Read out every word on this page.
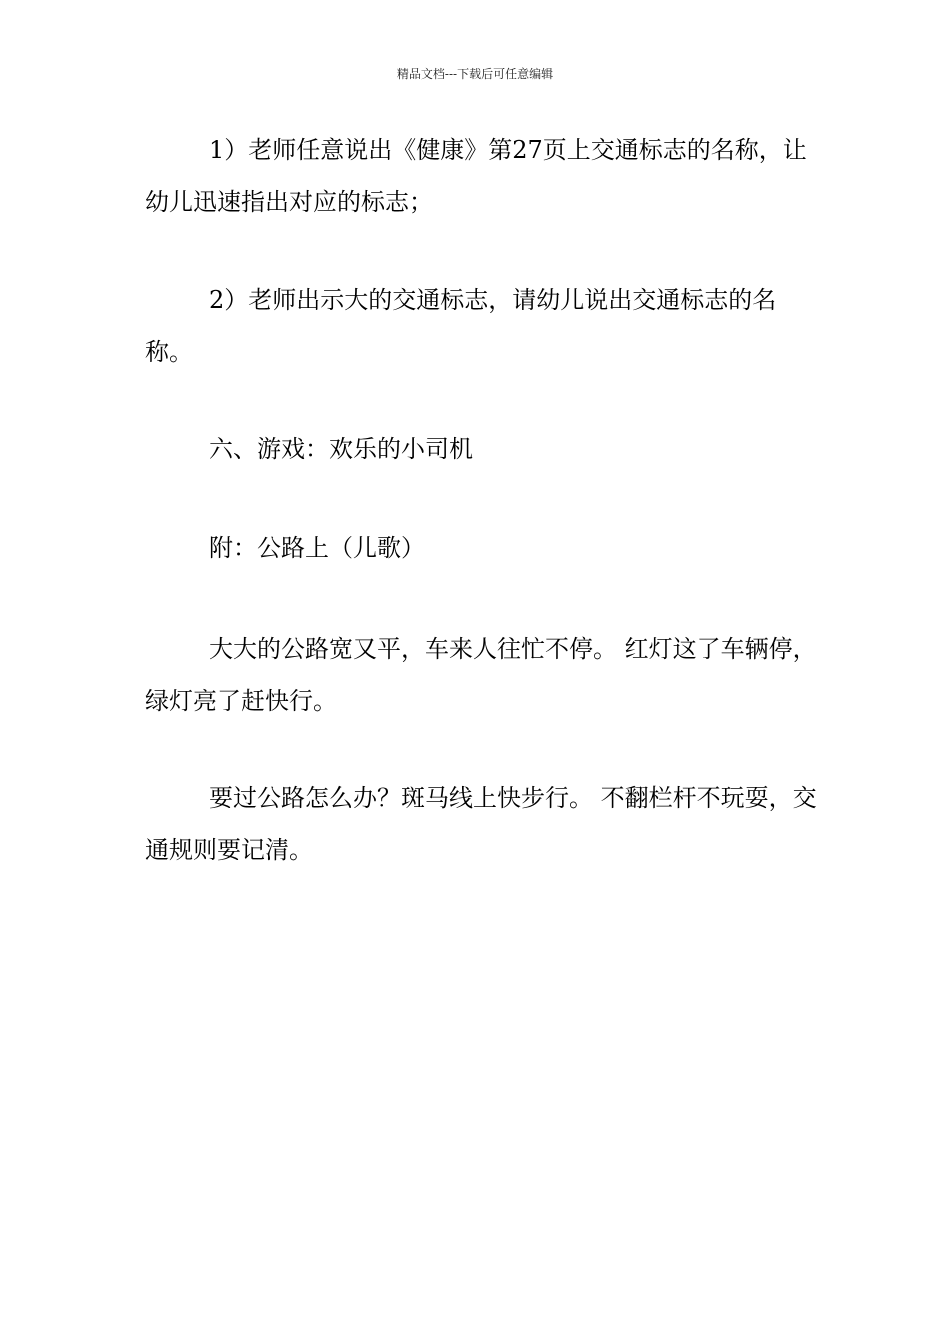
精品文档---下载后可任意编辑

1）老师任意说出《健康》第27页上交通标志的名称，让幼儿迅速指出对应的标志；

2）老师出示大的交通标志，请幼儿说出交通标志的名称。

六、游戏：欢乐的小司机

附：公路上（儿歌）

大大的公路宽又平，车来人往忙不停。 红灯这了车辆停，绿灯亮了赶快行。

要过公路怎么办？斑马线上快步行。 不翻栏杆不玩耍，交通规则要记清。
